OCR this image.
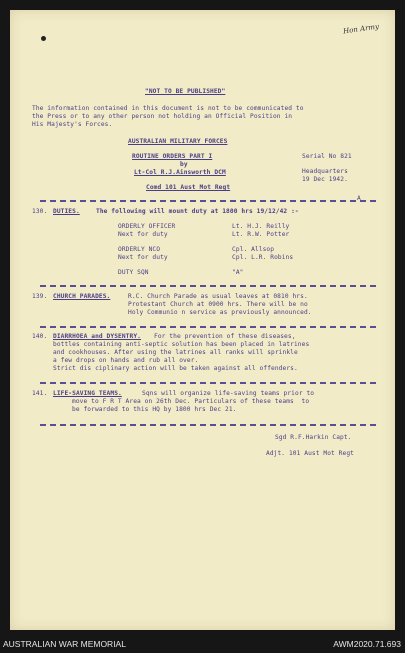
Hon Army
"NOT TO BE PUBLISHED"
The information contained in this document is not to be communicated to
the Press or to any other person not holding an Official Position in
His Majesty's Forces.
AUSTRALIAN MILITARY FORCES
ROUTINE ORDERS PART I
by
Lt-Col R.J.Ainsworth DCM
Comd 101 Aust Mot Regt
Serial No 821
Headquarters
19 Dec 1942.
A
130. DUTIES.	The following will mount duty at 1800 hrs 19/12/42 :-
ORDERLY OFFICER	Lt. H.J. Reilly
Next for duty	Lt. R.W. Potter
ORDERLY NCO	Cpl. Allsop
Next for duty	Cpl. L.R. Robins
DUTY SQN	"A"
139. CHURCH PARADES.	R.C. Church Parade as usual leaves at 0810 hrs.
Protestant Church at 0900 hrs. There will be no
Holy Communio n service as previously announced.
140. DIARRHOEA and DYSENTRY. For the prevention of these diseases,
bottles containing anti-septic solution has been placed in latrines
and cookhouses. After using the latrines all ranks will sprinkle
a few drops on hands and rub all over.
Strict dis ciplinary action will be taken against all offenders.
141. LIFE-SAVING TEAMS.	Sqns will organize life-saving teams prior to
move to F R T Area on 26th Dec. Particulars of these teams  to
be forwarded to this HQ by 1800 hrs Dec 21.
Sgd R.F.Harkin Capt.
Adjt. 101 Aust Mot Regt
AUSTRALIAN WAR MEMORIAL	AWM2020.71.693
